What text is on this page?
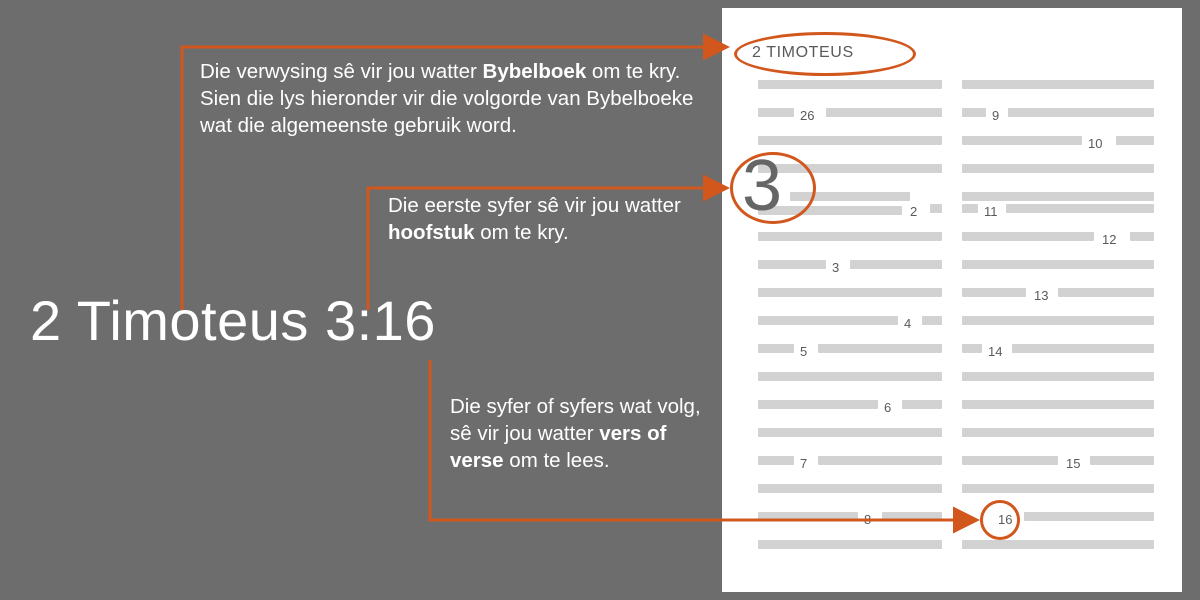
26
2
3
4
5
6
7
8
9
10
11
12
13
14
15
16
2 TIMOTEUS
3
Die verwysing sê vir jou watter Bybelboek om te kry. Sien die lys hieronder vir die volgorde van Bybelboeke wat die algemeenste gebruik word.
Die eerste syfer sê vir jou watter hoofstuk om te kry.
Die syfer of syfers wat volg, sê vir jou watter vers of verse om te lees.
2 Timoteus 3:16
